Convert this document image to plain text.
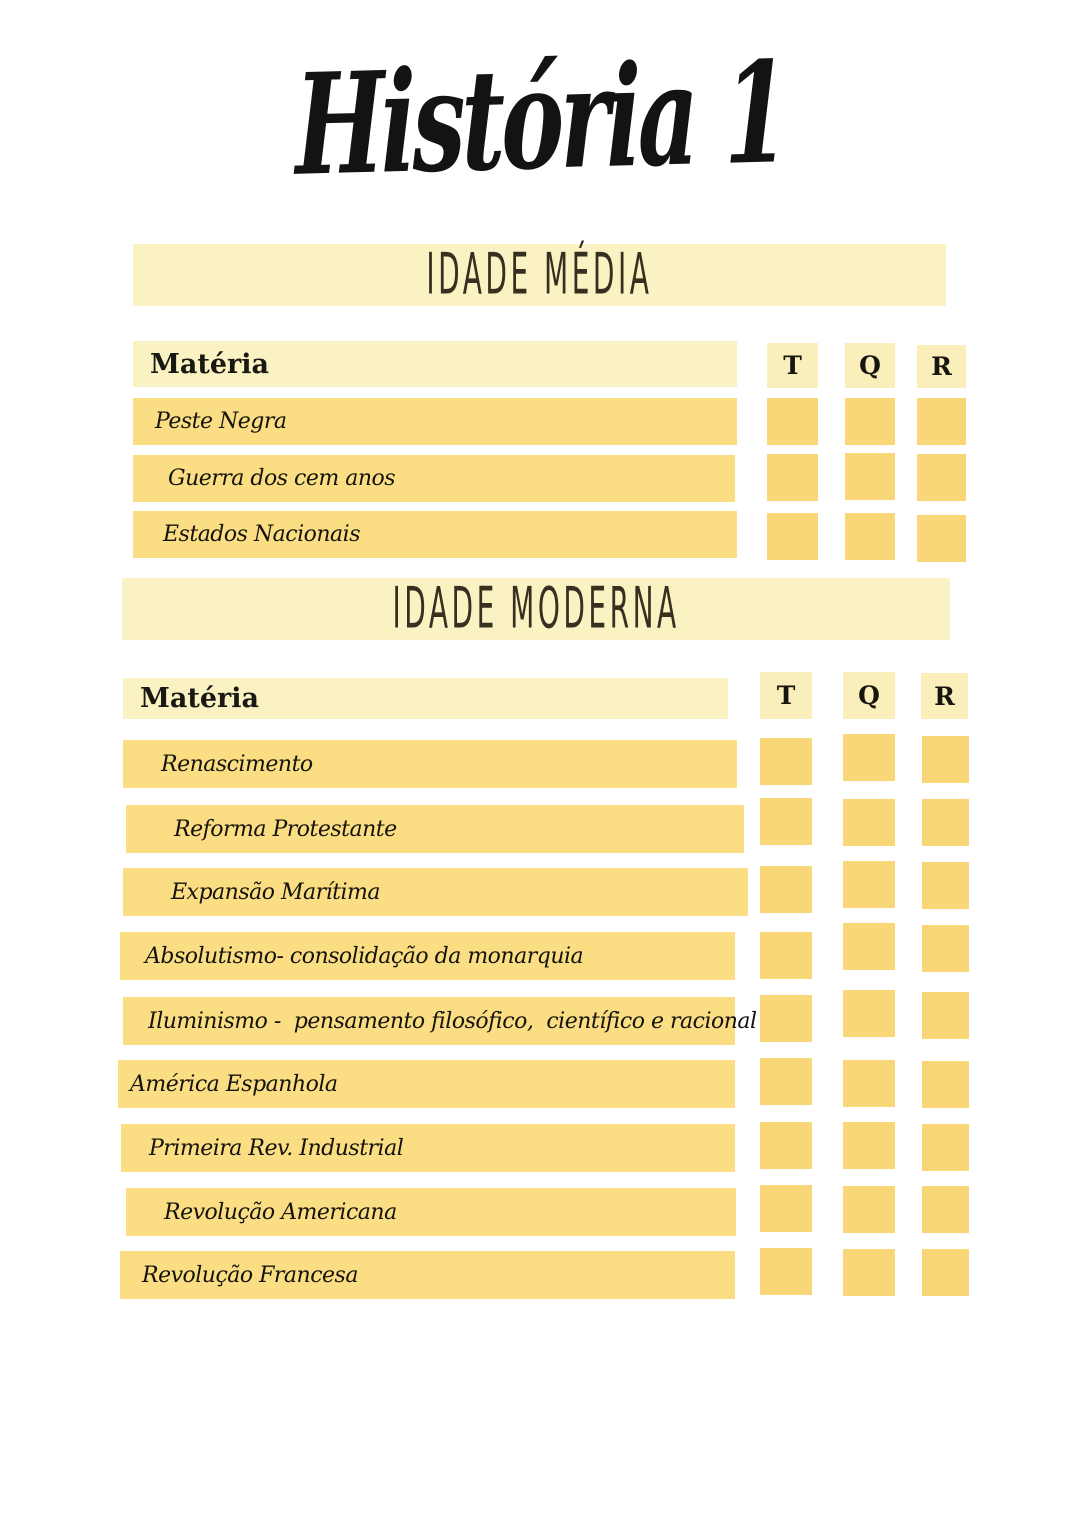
História 1
IDADE MÉDIA
Matéria	T	Q	R
Peste Negra
Guerra dos cem anos
Estados Nacionais
IDADE MODERNA
Matéria	T	Q	R
Renascimento
Reforma Protestante
Expansão Marítima
Absolutismo- consolidação da monarquia
Iluminismo -  pensamento filosófico,  científico e racional
América Espanhola
Primeira Rev. Industrial
Revolução Americana
Revolução Francesa
